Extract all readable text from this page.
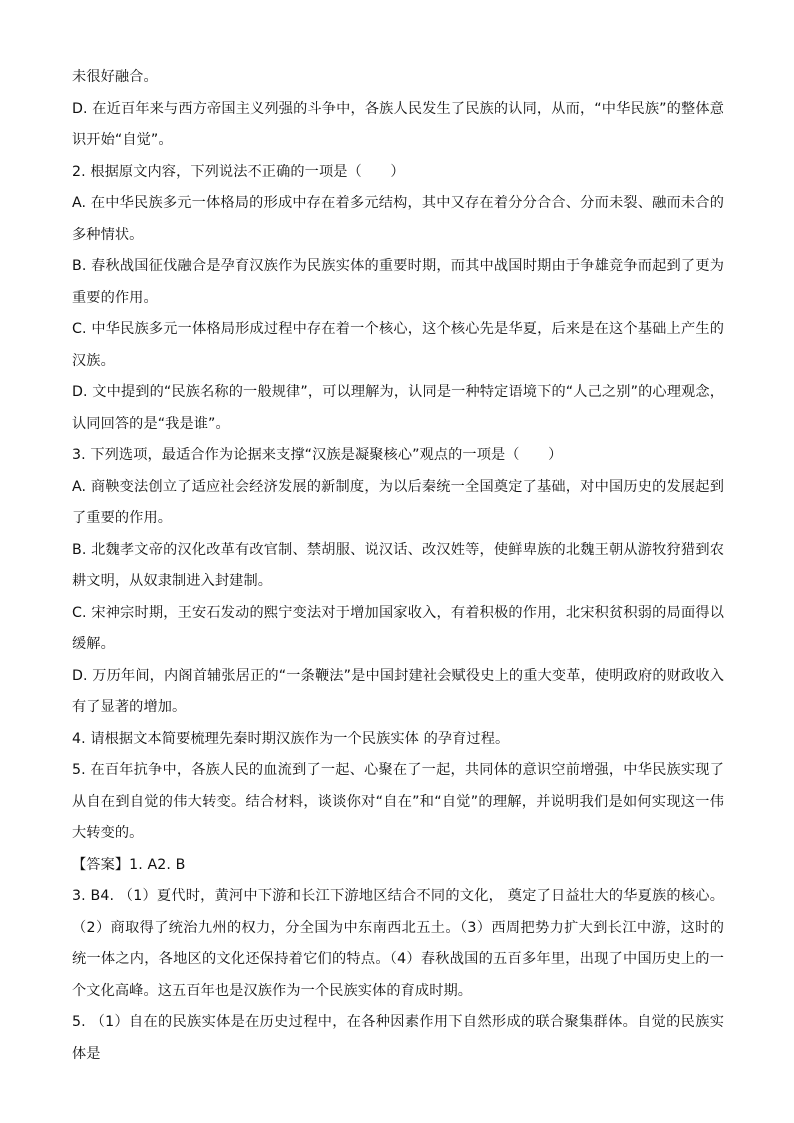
未很好融合。

D. 在近百年来与西方帝国主义列强的斗争中，各族人民发生了民族的认同，从而，“中华民族”的整体意识开始“自觉”。

2. 根据原文内容，下列说法不正确的一项是（　　）

A. 在中华民族多元一体格局的形成中存在着多元结构，其中又存在着分分合合、分而未裂、融而未合的多种情状。

B. 春秋战国征伐融合是孕育汉族作为民族实体的重要时期，而其中战国时期由于争雄竞争而起到了更为重要的作用。

C. 中华民族多元一体格局形成过程中存在着一个核心，这个核心先是华夏，后来是在这个基础上产生的汉族。

D. 文中提到的“民族名称的一般规律”，可以理解为，认同是一种特定语境下的“人己之别”的心理观念，认同回答的是“我是谁”。

3. 下列选项，最适合作为论据来支撑“汉族是凝聚核心”观点的一项是（　　）

A. 商鞅变法创立了适应社会经济发展的新制度，为以后秦统一全国奠定了基础，对中国历史的发展起到了重要的作用。

B. 北魏孝文帝的汉化改革有改官制、禁胡服、说汉话、改汉姓等，使鲜卑族的北魏王朝从游牧狩猎到农耕文明，从奴隶制进入封建制。

C. 宋神宗时期，王安石发动的熙宁变法对于增加国家收入，有着积极的作用，北宋积贫积弱的局面得以缓解。

D. 万历年间，内阁首辅张居正的“一条鞭法”是中国封建社会赋役史上的重大变革，使明政府的财政收入有了显著的增加。

4. 请根据文本简要梳理先秦时期汉族作为一个民族实体 的孕育过程。

5. 在百年抗争中，各族人民的血流到了一起、心聚在了一起，共同体的意识空前增强，中华民族实现了从自在到自觉的伟大转变。结合材料，谈谈你对“自在”和“自觉”的理解，并说明我们是如何实现这一伟大转变的。

【答案】1. A2. B

3. B4. （1）夏代时，黄河中下游和长江下游地区结合不同的文化， 奠定了日益壮大的华夏族的核心。（2）商取得了统治九州的权力，分全国为中东南西北五土。（3）西周把势力扩大到长江中游，这时的统一体之内，各地区的文化还保持着它们的特点。（4）春秋战国的五百多年里，出现了中国历史上的一个文化高峰。这五百年也是汉族作为一个民族实体的育成时期。

5. （1）自在的民族实体是在历史过程中，在各种因素作用下自然形成的联合聚集群体。自觉的民族实体是
